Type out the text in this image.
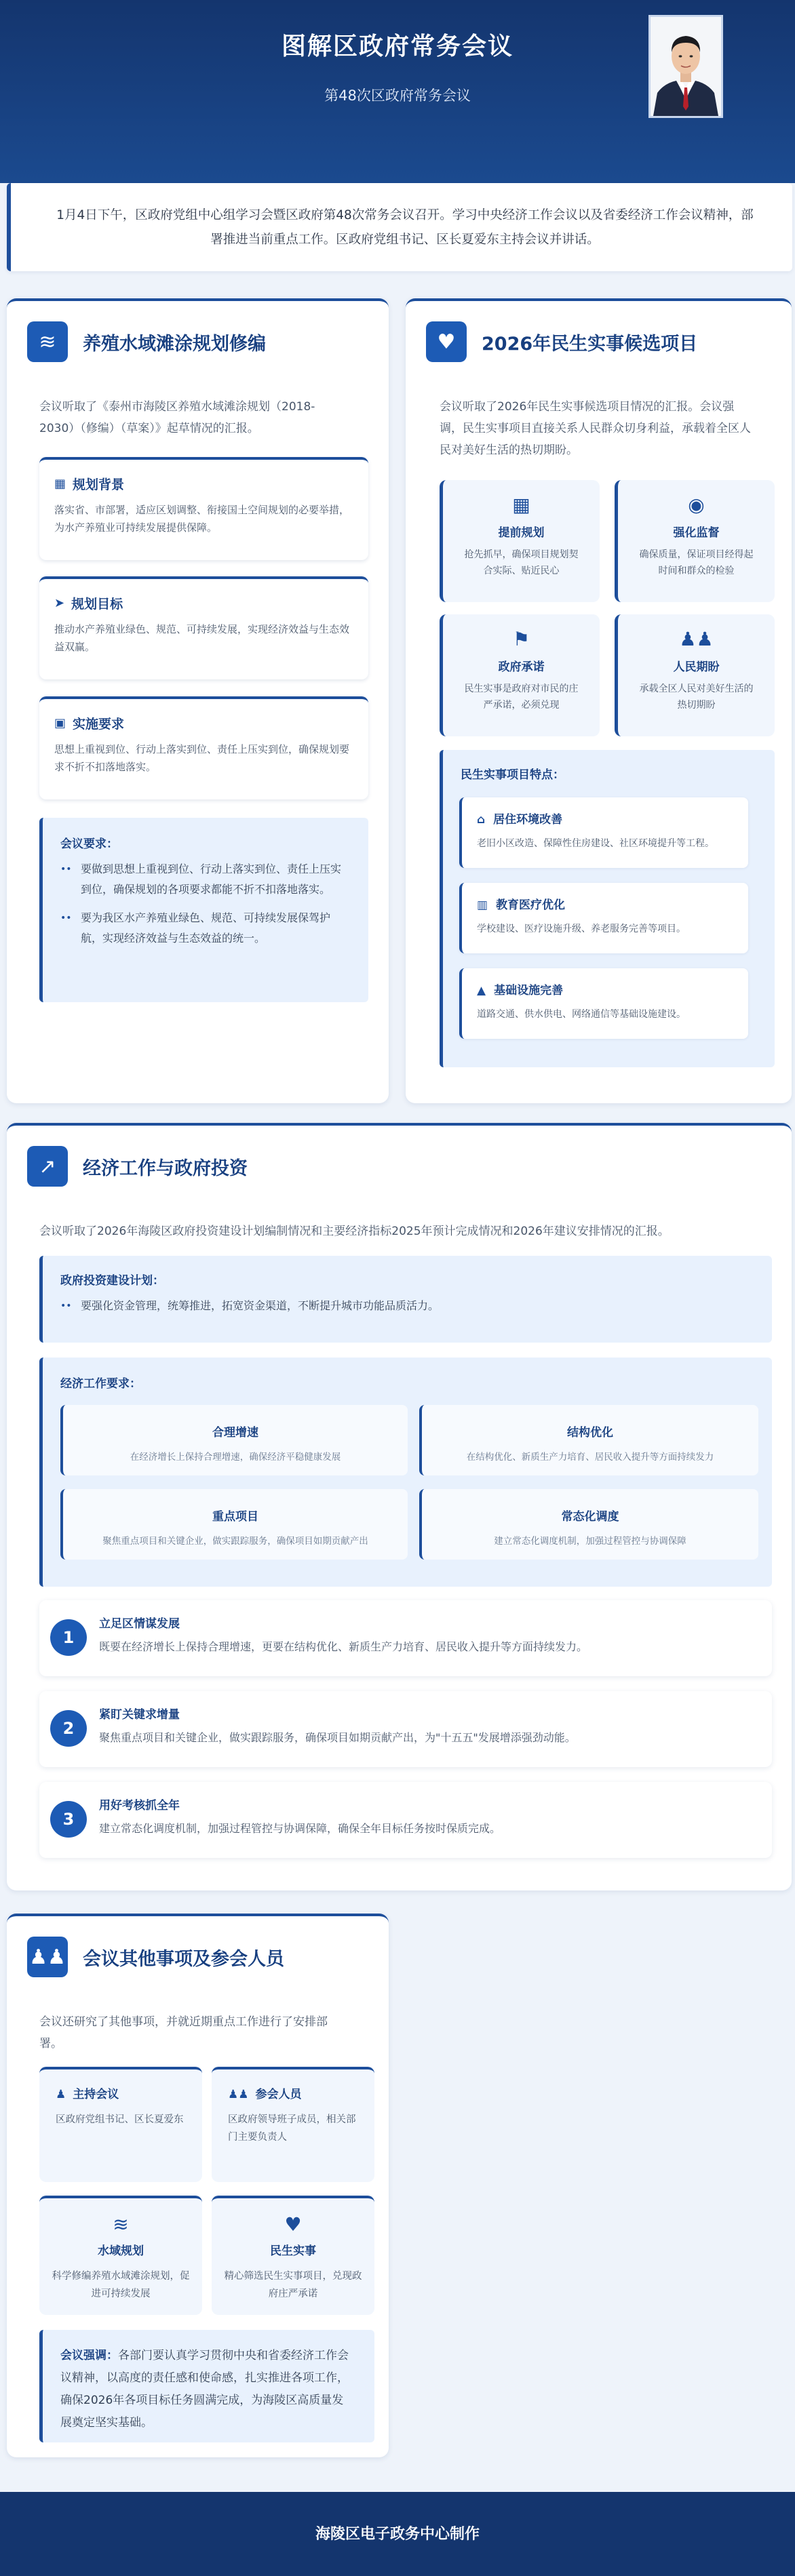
图解区政府常务会议
第48次区政府常务会议

1月4日下午，区政府党组中心组学习会暨区政府第48次常务会议召开。学习中央经济工作会议以及省委经济工作会议精神，部署推进当前重点工作。区政府党组书记、区长夏爱东主持会议并讲话。

≋	养殖水域滩涂规划修编
会议听取了《泰州市海陵区养殖水域滩涂规划（2018-2030）（修编）（草案）》起草情况的汇报。
▦ 规划背景
落实省、市部署，适应区划调整、衔接国土空间规划的必要举措，为水产养殖业可持续发展提供保障。
➤ 规划目标
推动水产养殖业绿色、规范、可持续发展，实现经济效益与生态效益双赢。
▣ 实施要求
思想上重视到位、行动上落实到位、责任上压实到位，确保规划要求不折不扣落地落实。
会议要求：
•• 要做到思想上重视到位、行动上落实到位、责任上压实到位，确保规划的各项要求都能不折不扣落地落实。
•• 要为我区水产养殖业绿色、规范、可持续发展保驾护航，实现经济效益与生态效益的统一。
♥	2026年民生实事候选项目
会议听取了2026年民生实事候选项目情况的汇报。会议强调，民生实事项目直接关系人民群众切身利益，承载着全区人民对美好生活的热切期盼。
▦
提前规划
抢先抓早，确保项目规划契合实际、贴近民心
◉
强化监督
确保质量，保证项目经得起时间和群众的检验
⚑
政府承诺
民生实事是政府对市民的庄严承诺，必须兑现
♟♟
人民期盼
承载全区人民对美好生活的热切期盼
民生实事项目特点：
⌂ 居住环境改善
老旧小区改造、保障性住房建设、社区环境提升等工程。
▥ 教育医疗优化
学校建设、医疗设施升级、养老服务完善等项目。
▲ 基础设施完善
道路交通、供水供电、网络通信等基础设施建设。
↗	经济工作与政府投资
会议听取了2026年海陵区政府投资建设计划编制情况和主要经济指标2025年预计完成情况和2026年建议安排情况的汇报。
政府投资建设计划：
•• 要强化资金管理，统筹推进，拓宽资金渠道，不断提升城市功能品质活力。
经济工作要求：
合理增速
在经济增长上保持合理增速，确保经济平稳健康发展
结构优化
在结构优化、新质生产力培育、居民收入提升等方面持续发力
重点项目
聚焦重点项目和关键企业，做实跟踪服务，确保项目如期贡献产出
常态化调度
建立常态化调度机制，加强过程管控与协调保障
1
立足区情谋发展
既要在经济增长上保持合理增速，更要在结构优化、新质生产力培育、居民收入提升等方面持续发力。
2
紧盯关键求增量
聚焦重点项目和关键企业，做实跟踪服务，确保项目如期贡献产出，为"十五五"发展增添强劲动能。
3
用好考核抓全年
建立常态化调度机制，加强过程管控与协调保障，确保全年目标任务按时保质完成。
♟♟ 会议其他事项及参会人员
会议还研究了其他事项，并就近期重点工作进行了安排部署。
♟ 主持会议
区政府党组书记、区长夏爱东
♟♟ 参会人员
区政府领导班子成员，相关部门主要负责人
≋
水域规划
科学修编养殖水域滩涂规划，促进可持续发展
♥
民生实事
精心筛选民生实事项目，兑现政府庄严承诺
会议强调：各部门要认真学习贯彻中央和省委经济工作会议精神，以高度的责任感和使命感，扎实推进各项工作，确保2026年各项目标任务圆满完成，为海陵区高质量发展奠定坚实基础。
海陵区电子政务中心制作
